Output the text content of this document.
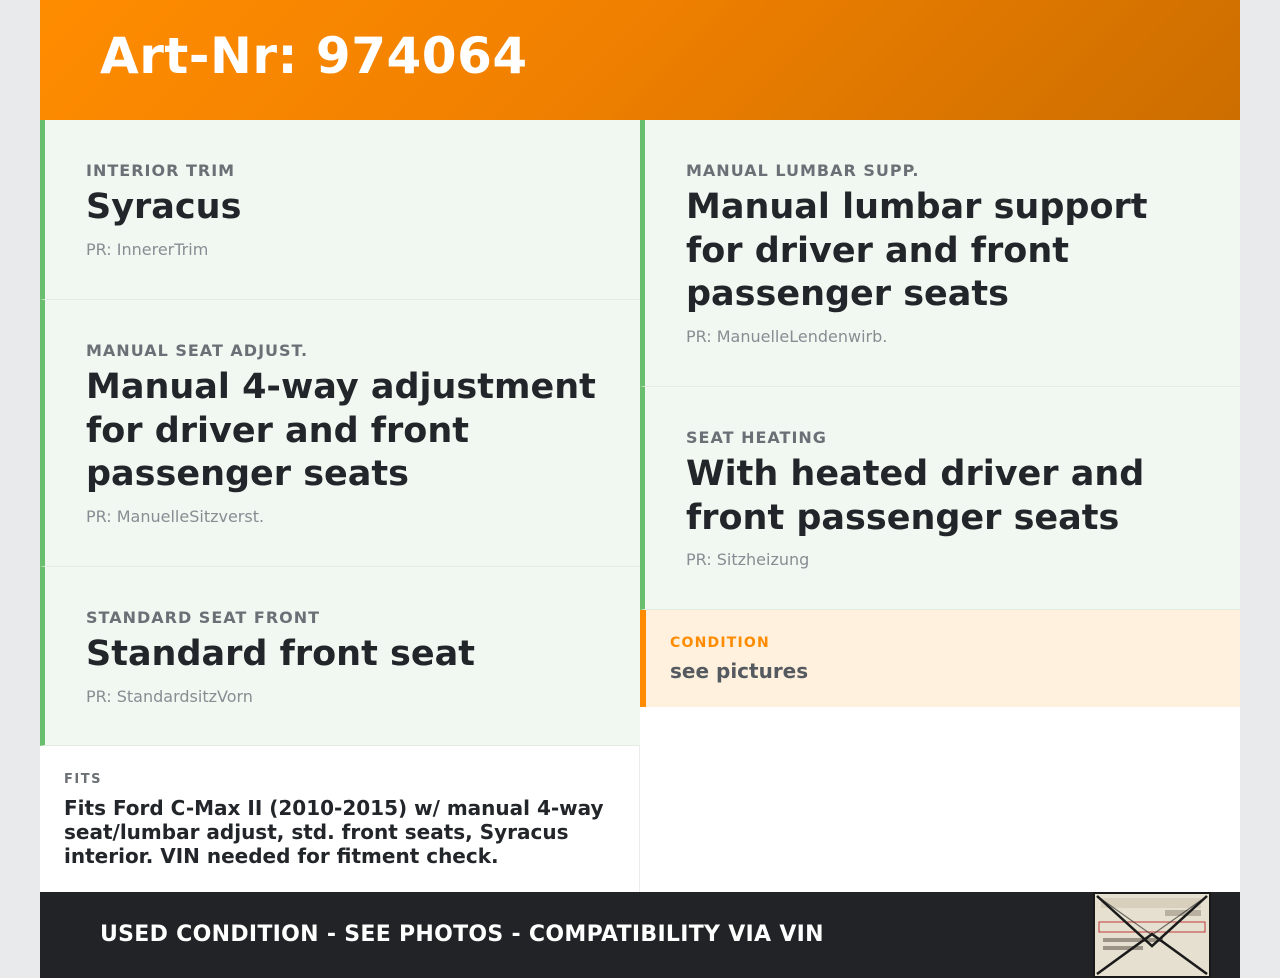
Art-Nr: 974064
INTERIOR TRIM
Syracus
PR: InnererTrim
MANUAL SEAT ADJUST.
Manual 4-way adjustment for driver and front passenger seats
PR: ManuelleSitzverst.
STANDARD SEAT FRONT
Standard front seat
PR: StandardsitzVorn
MANUAL LUMBAR SUPP.
Manual lumbar support for driver and front passenger seats
PR: ManuelleLendenwirb.
SEAT HEATING
With heated driver and front passenger seats
PR: Sitzheizung
CONDITION
see pictures
FITS
Fits Ford C-Max II (2010-2015) w/ manual 4-way seat/lumbar adjust, std. front seats, Syracus interior. VIN needed for fitment check.
USED CONDITION - SEE PHOTOS - COMPATIBILITY VIA VIN
